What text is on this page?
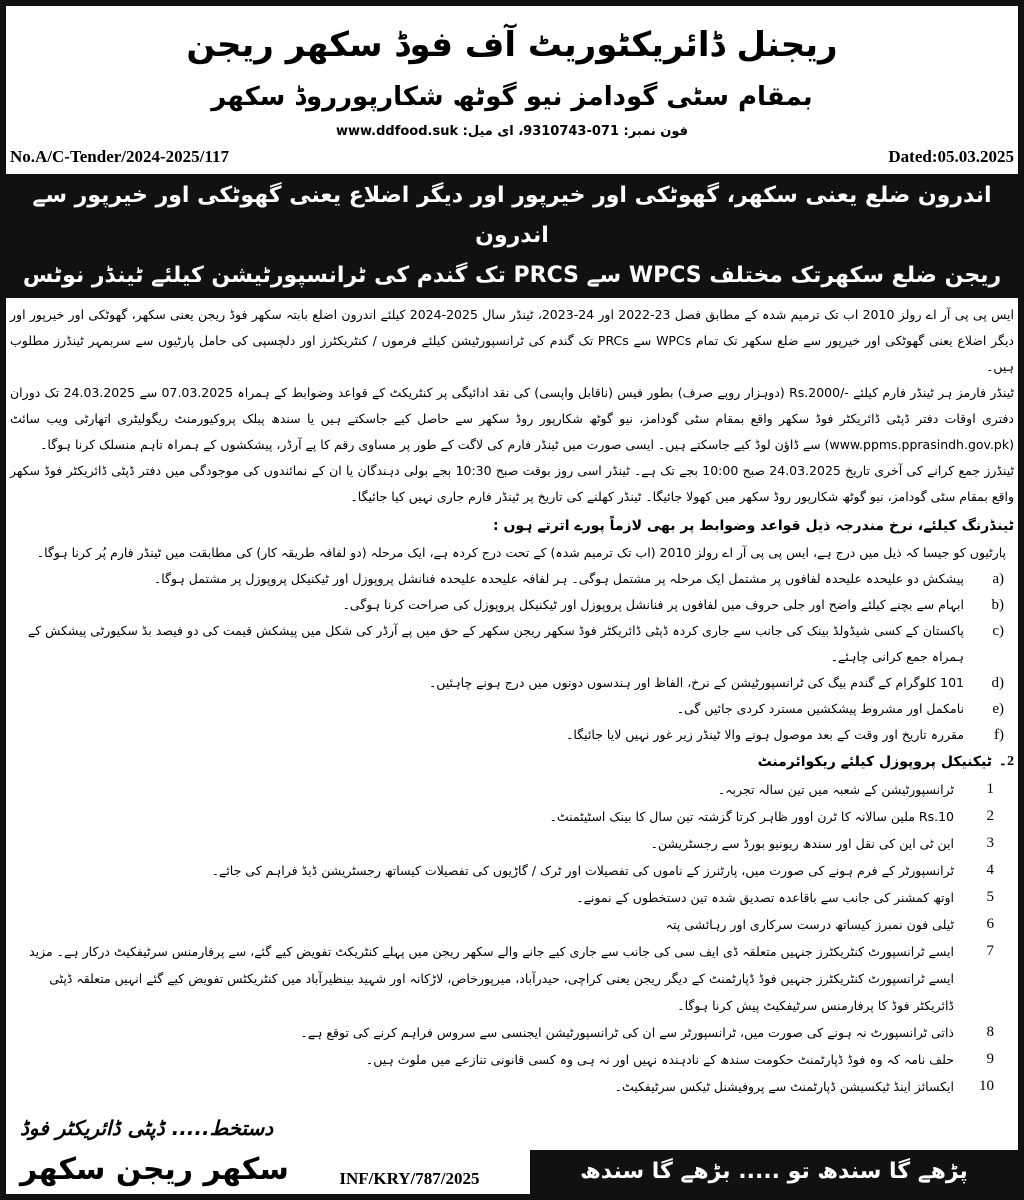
ریجنل ڈائریکٹوریٹ آف فوڈ سکھر ریجن
بمقام سٹی گودامز نیو گوٹھ شکارپورروڈ سکھر
فون نمبر: 071-9310743، ای میل: www.ddfood.suk
No.A/C-Tender/2024-2025/117	Dated:05.03.2025
اندرون ضلع یعنی سکھر، گھوٹکی اور خیرپور اور دیگر اضلاع یعنی گھوٹکی اور خیرپور سے اندرون
ریجن ضلع سکھرتک مختلف WPCS سے PRCS تک گندم کی ٹرانسپورٹیشن کیلئے ٹینڈر نوٹس
ایس پی پی آر اے رولز 2010 اب تک ترمیم شدہ کے مطابق فصل 23-2022 اور 24-2023، ٹینڈر سال 2025-2024 کیلئے اندرون اضلع بابتہ سکھر فوڈ ریجن یعنی سکھر، گھوٹکی اور خیرپور اور دیگر اضلاع یعنی گھوٹکی اور خیرپور سے ضلع سکھر تک تمام WPCs سے PRCs تک گندم کی ٹرانسپورٹیشن کیلئے فرموں / کنٹریکٹرز اور دلچسپی کی حامل پارٹیوں سے سربمہر ٹینڈرز مطلوب ہیں۔
ٹینڈر فارمز ہر ٹینڈر فارم کیلئے -/Rs.2000 (دوہزار روپے صرف) بطور فیس (ناقابل واپسی) کی نقد ادائیگی پر کنٹریکٹ کے قواعد وضوابط کے ہمراہ 07.03.2025 سے 24.03.2025 تک دوران دفتری اوقات دفتر ڈپٹی ڈائریکٹر فوڈ سکھر واقع بمقام سٹی گودامز، نیو گوٹھ شکارپور روڈ سکھر سے حاصل کیے جاسکتے ہیں یا سندھ پبلک پروکیورمنٹ ریگولیٹری اتھارٹی ویب سائٹ (www.ppms.pprasindh.gov.pk) سے ڈاؤن لوڈ کیے جاسکتے ہیں۔ ایسی صورت میں ٹینڈر فارم کی لاگت کے طور پر مساوی رقم کا پے آرڈر، پیشکشوں کے ہمراہ تاہم منسلک کرنا ہوگا۔
ٹینڈرز جمع کرانے کی آخری تاریخ 24.03.2025 صبح 10:00 بجے تک ہے۔ ٹینڈر اسی روز بوقت صبح 10:30 بجے بولی دہندگان یا ان کے نمائندوں کی موجودگی میں دفتر ڈپٹی ڈائریکٹر فوڈ سکھر واقع بمقام سٹی گودامز، نیو گوٹھ شکارپور روڈ سکھر میں کھولا جائیگا۔ ٹینڈر کھلنے کی تاریخ پر ٹینڈر فارم جاری نہیں کیا جائیگا۔
ٹینڈرنگ کیلئے، نرخ مندرجہ ذیل قواعد وضوابط پر بھی لازماً پورے اترتے ہوں :
پارٹیوں کو جیسا کہ ذیل میں درج ہے، ایس پی پی آر اے رولز 2010 (اب تک ترمیم شدہ) کے تحت درج کردہ ہے، ایک مرحلہ (دو لفافہ طریقہ کار) کی مطابقت میں ٹینڈر فارم پُر کرنا ہوگا۔
(a
پیشکش دو علیحدہ علیحدہ لفافوں پر مشتمل ایک مرحلہ پر مشتمل ہوگی۔ ہر لفافہ علیحدہ علیحدہ فنانشل پروپوزل اور ٹیکنیکل پروپوزل پر مشتمل ہوگا۔
(b
ابہام سے بچنے کیلئے واضح اور جلی حروف میں لفافوں پر فنانشل پروپوزل اور ٹیکنیکل پروپوزل کی صراحت کرنا ہوگی۔
(c
پاکستان کے کسی شیڈولڈ بینک کی جانب سے جاری کردہ ڈپٹی ڈائریکٹر فوڈ سکھر ریجن سکھر کے حق میں پے آرڈر کی شکل میں پیشکش قیمت کی دو فیصد بڈ سکیورٹی پیشکش کے ہمراہ جمع کرانی چاہئے۔
(d
101 کلوگرام کے گندم بیگ کی ٹرانسپورٹیشن کے نرخ، الفاظ اور ہندسوں دونوں میں درج ہونے چاہئیں۔
(e
نامکمل اور مشروط پیشکشیں مسترد کردی جائیں گی۔
(f
مقررہ تاریخ اور وقت کے بعد موصول ہونے والا ٹینڈر زیر غور نہیں لایا جائیگا۔
2۔
ٹیکنیکل پروپوزل کیلئے ریکوائرمنٹ
1
ٹرانسپورٹیشن کے شعبہ میں تین سالہ تجربہ۔
2
Rs.10 ملین سالانہ کا ٹرن اوور ظاہر کرتا گزشتہ تین سال کا بینک اسٹیٹمنٹ۔
3
این ٹی این کی نقل اور سندھ ریونیو بورڈ سے رجسٹریشن۔
4
ٹرانسپورٹر کے فرم ہونے کی صورت میں، پارٹنرز کے ناموں کی تفصیلات اور ٹرک / گاڑیوں کی تفصیلات کیساتھ رجسٹریشن ڈیڈ فراہم کی جائے۔
5
اوتھ کمشنر کی جانب سے باقاعدہ تصدیق شدہ تین دستخطوں کے نمونے۔
6
ٹیلی فون نمبرز کیساتھ درست سرکاری اور رہائشی پتہ
7
ایسے ٹرانسپورٹ کنٹریکٹرز جنہیں متعلقہ ڈی ایف سی کی جانب سے جاری کیے جانے والے سکھر ریجن میں پہلے کنٹریکٹ تفویض کیے گئے، سے پرفارمنس سرٹیفکیٹ درکار ہے۔ مزید ایسے ٹرانسپورٹ کنٹریکٹرز جنہیں فوڈ ڈپارٹمنٹ کے دیگر ریجن یعنی کراچی، حیدرآباد، میرپورخاص، لاڑکانہ اور شہید بینظیرآباد میں کنٹریکٹس تفویض کیے گئے انہیں متعلقہ ڈپٹی ڈائریکٹر فوڈ کا پرفارمنس سرٹیفکیٹ پیش کرنا ہوگا۔
8
ذاتی ٹرانسپورٹ نہ ہونے کی صورت میں، ٹرانسپورٹر سے ان کی ٹرانسپورٹیشن ایجنسی سے سروس فراہم کرنے کی توقع ہے۔
9
حلف نامہ کہ وہ فوڈ ڈپارٹمنٹ حکومت سندھ کے نادہندہ نہیں اور نہ ہی وہ کسی قانونی تنازعے میں ملوث ہیں۔
10
ایکسائز اینڈ ٹیکسیشن ڈپارٹمنٹ سے پروفیشنل ٹیکس سرٹیفکیٹ۔
دستخط..... ڈپٹی ڈائریکٹر فوڈ
سکھر ریجن سکھر	INF/KRY/787/2025	پڑھے گا سندھ تو ..... بڑھے گا سندھ
